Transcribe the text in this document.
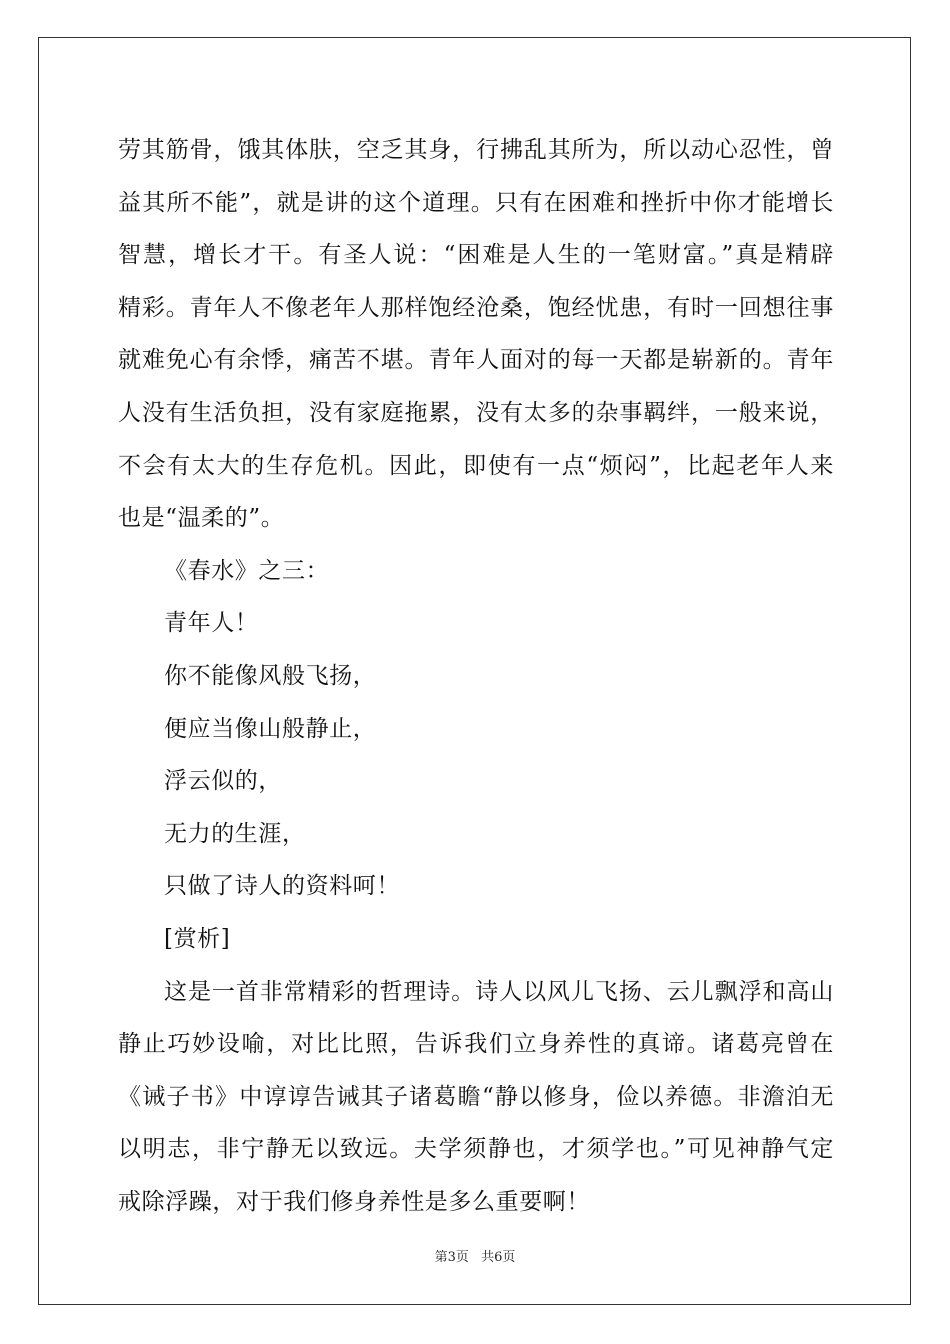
劳其筋骨，饿其体肤，空乏其身，行拂乱其所为，所以动心忍性，曾
益其所不能”，就是讲的这个道理。只有在困难和挫折中你才能增长
智慧，增长才干。有圣人说：“困难是人生的一笔财富。”真是精辟
精彩。青年人不像老年人那样饱经沧桑，饱经忧患，有时一回想往事
就难免心有余悸，痛苦不堪。青年人面对的每一天都是崭新的。青年
人没有生活负担，没有家庭拖累，没有太多的杂事羁绊，一般来说，
不会有太大的生存危机。因此，即使有一点“烦闷”，比起老年人来
也是“温柔的”。
《春水》之三：
青年人！
你不能像风般飞扬，
便应当像山般静止，
浮云似的，
无力的生涯，
只做了诗人的资料呵！
[赏析]
这是一首非常精彩的哲理诗。诗人以风儿飞扬、云儿飘浮和高山
静止巧妙设喻，对比比照，告诉我们立身养性的真谛。诸葛亮曾在
《诫子书》中谆谆告诫其子诸葛瞻“静以修身，俭以养德。非澹泊无
以明志，非宁静无以致远。夫学须静也，才须学也。”可见神静气定
戒除浮躁，对于我们修身养性是多么重要啊！
第3页 共6页
